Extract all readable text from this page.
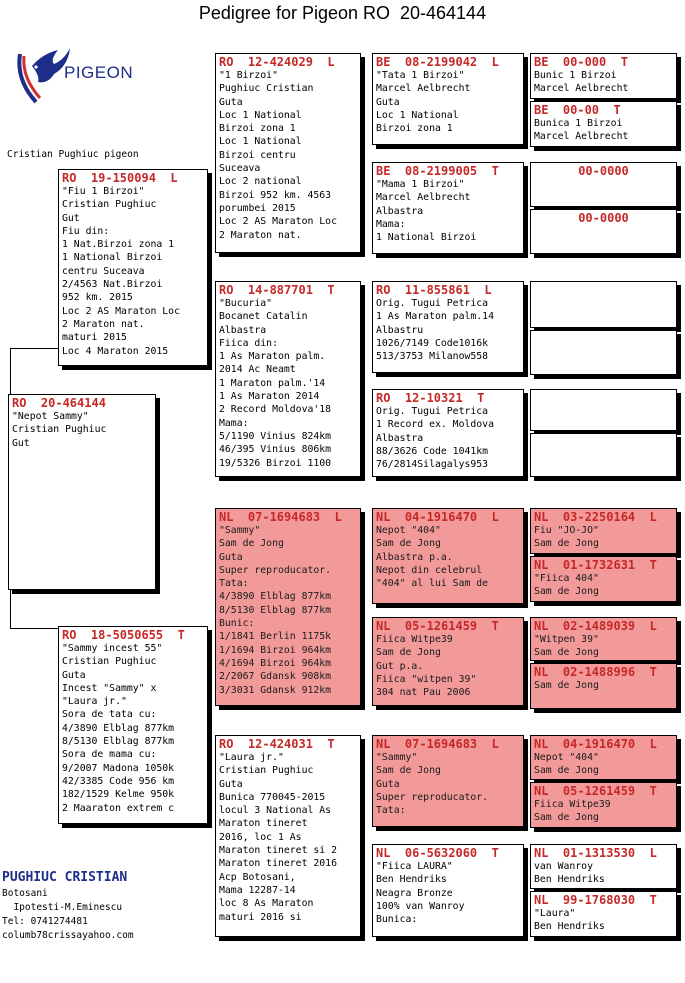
Pedigree for Pigeon RO  20-464144
PIGEON
Cristian Pughiuc pigeon
RO  20-464144
"Nepot Sammy"
Cristian Pughiuc
Gut
RO  19-150094  L
"Fiu 1 Birzoi"
Cristian Pughiuc
Gut
Fiu din:
1 Nat.Birzoi zona 1
1 National Birzoi
centru Suceava
2/4563 Nat.Birzoi
952 km. 2015
Loc 2 AS Maraton Loc
2 Maraton nat.
maturi 2015
Loc 4 Maraton 2015
RO  18-5050655  T
"Sammy incest 55"
Cristian Pughiuc
Guta
Incest "Sammy" x
"Laura jr."
Sora de tata cu:
4/3890 Elblag 877km
8/5130 Elblag 877km
Sora de mama cu:
9/2007 Madona 1050k
42/3385 Code 956 km
182/1529 Kelme 950k
2 Maaraton extrem c
RO  12-424029  L
"1 Birzoi"
Pughiuc Cristian
Guta
Loc 1 National
Birzoi zona 1
Loc 1 National
Birzoi centru
Suceava
Loc 2 national
Birzoi 952 km. 4563
porumbei 2015
Loc 2 AS Maraton Loc
2 Maraton nat.
RO  14-887701  T
"Bucuria"
Bocanet Catalin
Albastra
Fiica din:
1 As Maraton palm.
2014 Ac Neamt
1 Maraton palm.'14
1 As Maraton 2014
2 Record Moldova'18
Mama:
5/1190 Vinius 824km
46/395 Vinius 806km
19/5326 Birzoi 1100
NL  07-1694683  L
"Sammy"
Sam de Jong
Guta
Super reproducator.
Tata:
4/3890 Elblag 877km
8/5130 Elblag 877km
Bunic:
1/1841 Berlin 1175k
1/1694 Birzoi 964km
4/1694 Birzoi 964km
2/2067 Gdansk 908km
3/3031 Gdansk 912km
RO  12-424031  T
"Laura jr."
Cristian Pughiuc
Guta
Bunica 770045-2015
locul 3 National As
Maraton tineret
2016, loc 1 As
Maraton tineret si 2
Maraton tineret 2016
Acp Botosani,
Mama 12287-14
loc 8 As Maraton
maturi 2016 si
BE  08-2199042  L
"Tata 1 Birzoi"
Marcel Aelbrecht
Guta
Loc 1 National
Birzoi zona 1
BE  08-2199005  T
"Mama 1 Birzoi"
Marcel Aelbrecht
Albastra
Mama:
1 National Birzoi
RO  11-855861  L
Orig. Tugui Petrica
1 As Maraton palm.14
Albastru
1026/7149 Code1016k
513/3753 Milanow558
RO  12-10321  T
Orig. Tugui Petrica
1 Record ex. Moldova
Albastra
88/3626 Code 1041km
76/2814Silagalys953
NL  04-1916470  L
Nepot "404"
Sam de Jong
Albastra p.a.
Nepot din celebrul
"404" al lui Sam de
NL  05-1261459  T
Fiica Witpe39
Sam de Jong
Gut p.a.
Fiica "witpen 39"
304 nat Pau 2006
NL  07-1694683  L
"Sammy"
Sam de Jong
Guta
Super reproducator.
Tata:
NL  06-5632060  T
"Fiica LAURA"
Ben Hendriks
Neagra Bronze
100% van Wanroy
Bunica:
BE  00-000  T
Bunic 1 Birzoi
Marcel Aelbrecht
BE  00-00  T
Bunica 1 Birzoi
Marcel Aelbrecht
00-0000
00-0000
NL  03-2250164  L
Fiu "JO-JO"
Sam de Jong
NL  01-1732631  T
"Fiica 404"
Sam de Jong
NL  02-1489039  L
"Witpen 39"
Sam de Jong
NL  02-1488996  T
Sam de Jong
NL  04-1916470  L
Nepot "404"
Sam de Jong
NL  05-1261459  T
Fiica Witpe39
Sam de Jong
NL  01-1313530  L
van Wanroy
Ben Hendriks
NL  99-1768030  T
"Laura"
Ben Hendriks
PUGHIUC CRISTIAN
Botosani
Ipotesti-M.Eminescu
Tel: 0741274481
columb78crissayahoo.com
